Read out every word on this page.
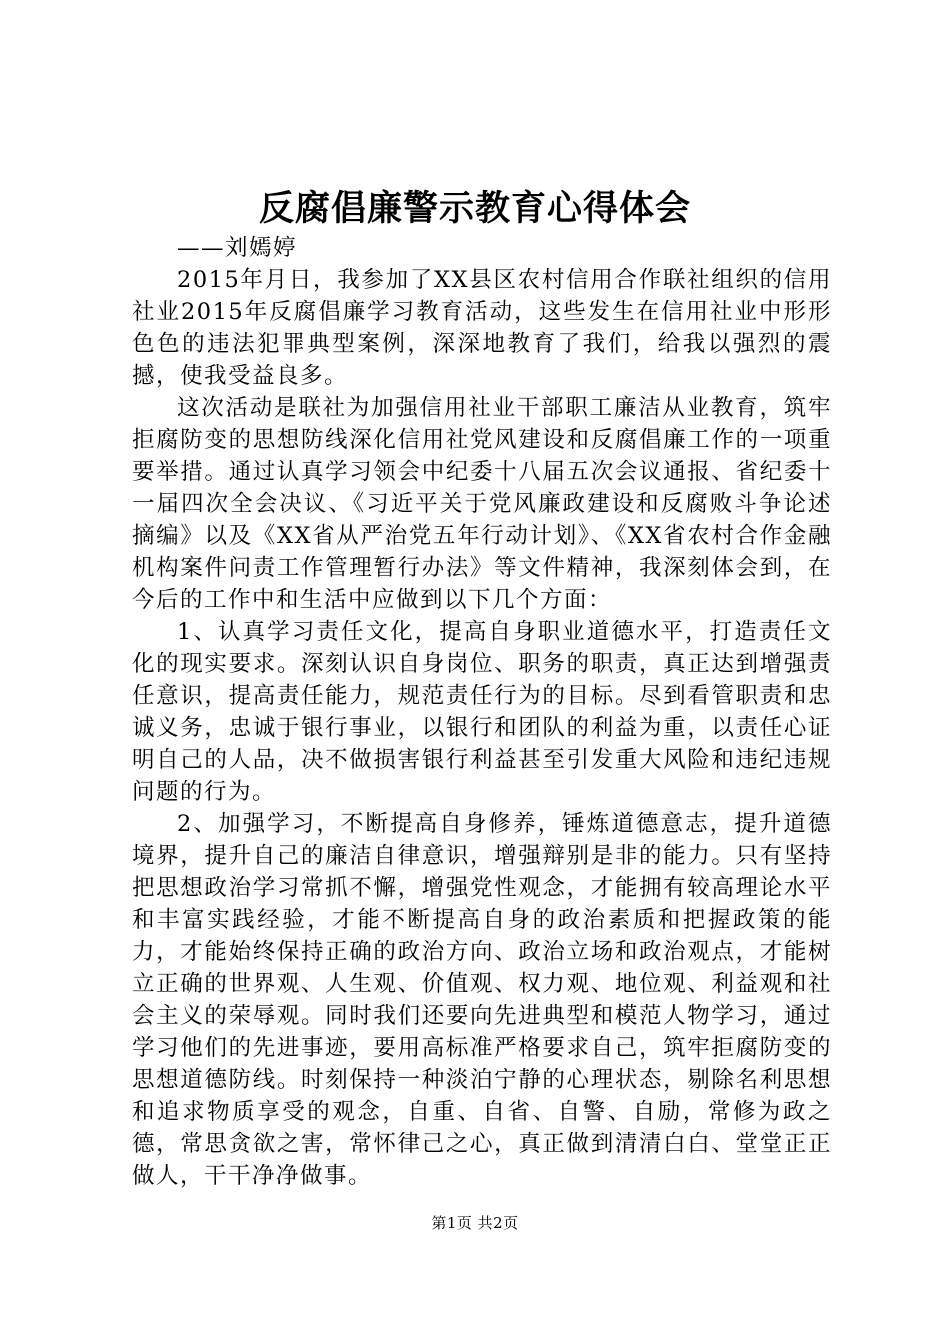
反腐倡廉警示教育心得体会

——刘嫣婷

2015年月日，我参加了XX县区农村信用合作联社组织的信用社业2015年反腐倡廉学习教育活动，这些发生在信用社业中形形色色的违法犯罪典型案例，深深地教育了我们，给我以强烈的震撼，使我受益良多。

这次活动是联社为加强信用社业干部职工廉洁从业教育，筑牢拒腐防变的思想防线深化信用社党风建设和反腐倡廉工作的一项重要举措。通过认真学习领会中纪委十八届五次会议通报、省纪委十一届四次全会决议、《习近平关于党风廉政建设和反腐败斗争论述摘编》以及《XX省从严治党五年行动计划》、《XX省农村合作金融机构案件问责工作管理暂行办法》等文件精神，我深刻体会到，在今后的工作中和生活中应做到以下几个方面：

1、认真学习责任文化，提高自身职业道德水平，打造责任文化的现实要求。深刻认识自身岗位、职务的职责，真正达到增强责任意识，提高责任能力，规范责任行为的目标。尽到看管职责和忠诚义务，忠诚于银行事业，以银行和团队的利益为重，以责任心证明自己的人品，决不做损害银行利益甚至引发重大风险和违纪违规问题的行为。

2、加强学习，不断提高自身修养，锤炼道德意志，提升道德境界，提升自己的廉洁自律意识，增强辩别是非的能力。只有坚持把思想政治学习常抓不懈，增强党性观念，才能拥有较高理论水平和丰富实践经验，才能不断提高自身的政治素质和把握政策的能力，才能始终保持正确的政治方向、政治立场和政治观点，才能树立正确的世界观、人生观、价值观、权力观、地位观、利益观和社会主义的荣辱观。同时我们还要向先进典型和模范人物学习，通过学习他们的先进事迹，要用高标准严格要求自己，筑牢拒腐防变的思想道德防线。时刻保持一种淡泊宁静的心理状态，剔除名利思想和追求物质享受的观念，自重、自省、自警、自励，常修为政之德，常思贪欲之害，常怀律己之心，真正做到清清白白、堂堂正正做人，干干净净做事。

第1页 共2页
